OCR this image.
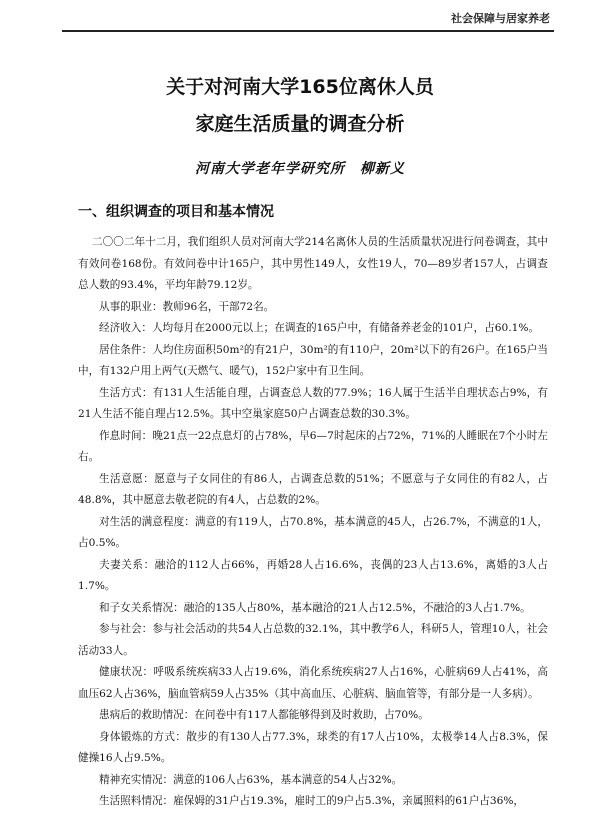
社会保障与居家养老
关于对河南大学165位离休人员
家庭生活质量的调查分析
河南大学老年学研究所　柳新义
一、组织调查的项目和基本情况

二〇〇二年十二月，我们组织人员对河南大学214名离休人员的生活质量状况进行问卷调查，其中有效问卷168份。有效问卷中计165户，其中男性149人，女性19人，70—89岁者157人，占调查总人数的93.4%，平均年龄79.12岁。

从事的职业：教师96名，干部72名。

经济收入：人均每月在2000元以上；在调查的165户中，有储备养老金的101户，占60.1%。

居住条件：人均住房面积50m²的有21户，30m²的有110户，20m²以下的有26户。在165户当中，有132户用上两气(天燃气、暖气)，152户家中有卫生间。

生活方式：有131人生活能自理，占调查总人数的77.9%；16人属于生活半自理状态占9%，有21人生活不能自理占12.5%。其中空巢家庭50户占调查总数的30.3%。

作息时间：晚21点一22点息灯的占78%，早6—7时起床的占72%，71%的人睡眠在7个小时左右。

生活意愿：愿意与子女同住的有86人，占调查总数的51%；不愿意与子女同住的有82人，占48.8%，其中愿意去敬老院的有4人，占总数的2%。

对生活的满意程度：满意的有119人，占70.8%，基本满意的45人，占26.7%，不满意的1人，占0.5%。

夫妻关系：融洽的112人占66%，再婚28人占16.6%，丧偶的23人占13.6%，离婚的3人占1.7%。

和子女关系情况：融洽的135人占80%，基本融洽的21人占12.5%，不融洽的3人占1.7%。

参与社会：参与社会活动的共54人占总数的32.1%，其中教学6人，科研5人，管理10人，社会活动33人。

健康状况：呼吸系统疾病33人占19.6%，消化系统疾病27人占16%，心脏病69人占41%，高血压62人占36%，脑血管病59人占35%（其中高血压、心脏病、脑血管等，有部分是一人多病）。

患病后的救助情况：在问卷中有117人都能够得到及时救助，占70%。

身体锻炼的方式：散步的有130人占77.3%，球类的有17人占10%，太极拳14人占8.3%，保健操16人占9.5%。

精神充实情况：满意的106人占63%，基本满意的54人占32%。

生活照料情况：雇保姆的31户占19.3%，雇时工的9户占5.3%，亲属照料的61户占36%，
